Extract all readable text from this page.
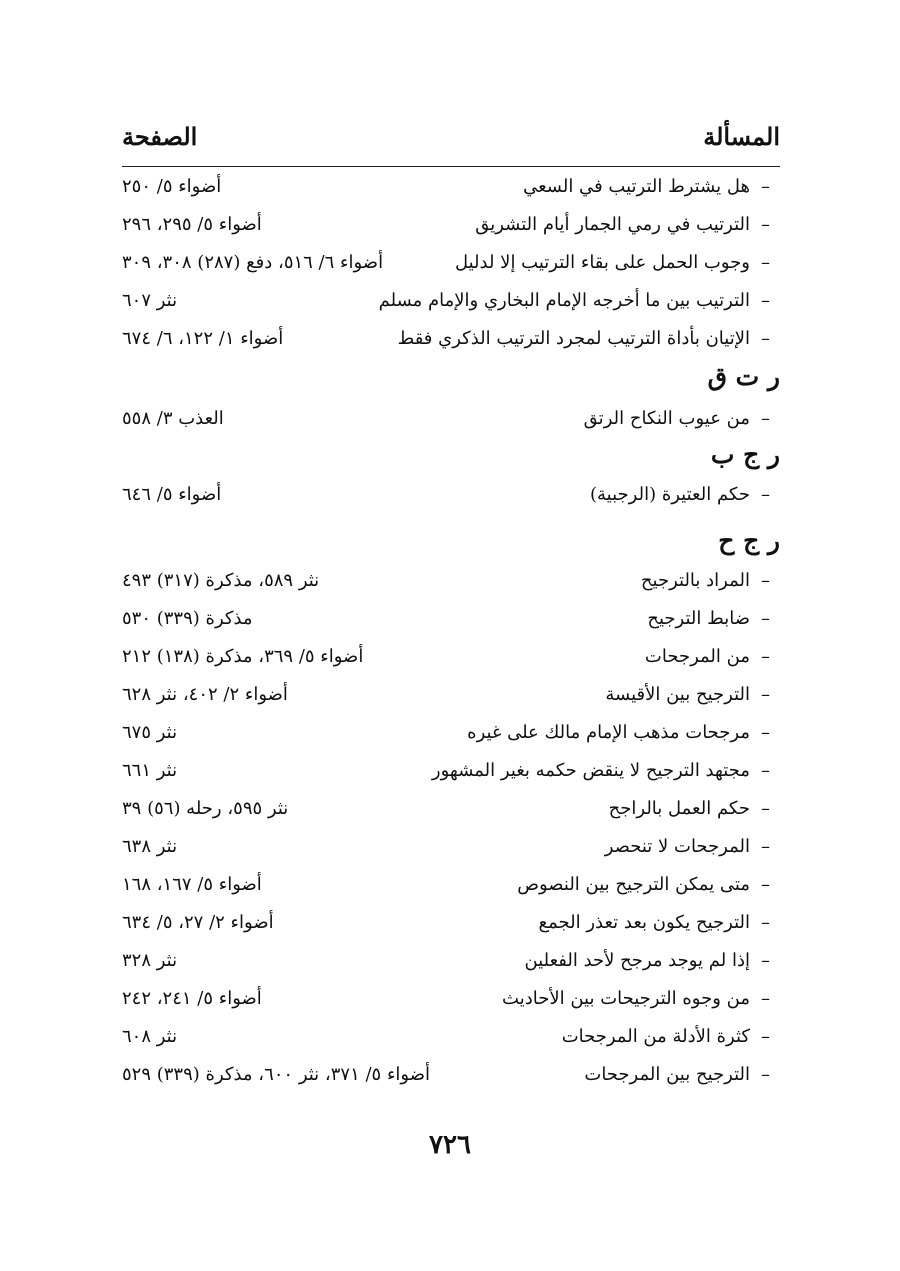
المسألة
الصفحة
–
هل يشترط الترتيب في السعي
أضواء ٥/ ٢٥٠
–
الترتيب في رمي الجمار أيام التشريق
أضواء ٥/ ٢٩٥، ٢٩٦
–
وجوب الحمل على بقاء الترتيب إلا لدليل
أضواء ٦/ ٥١٦، دفع (٢٨٧) ٣٠٨، ٣٠٩
–
الترتيب بين ما أخرجه الإمام البخاري والإمام مسلم
نثر ٦٠٧
–
الإتيان بأداة الترتيب لمجرد الترتيب الذكري فقط
أضواء ١/ ١٢٢، ٦/ ٦٧٤
ر ت ق
–
من عيوب النكاح الرتق
العذب ٣/ ٥٥٨
ر ج ب
–
حكم العتيرة (الرجبية)
أضواء ٥/ ٦٤٦
ر ج ح
–
المراد بالترجيح
نثر ٥٨٩، مذكرة (٣١٧) ٤٩٣
–
ضابط الترجيح
مذكرة (٣٣٩) ٥٣٠
–
من المرجحات
أضواء ٥/ ٣٦٩، مذكرة (١٣٨) ٢١٢
–
الترجيح بين الأقيسة
أضواء ٢/ ٤٠٢، نثر ٦٢٨
–
مرجحات مذهب الإمام مالك على غيره
نثر ٦٧٥
–
مجتهد الترجيح لا ينقض حكمه بغير المشهور
نثر ٦٦١
–
حكم العمل بالراجح
نثر ٥٩٥، رحله (٥٦) ٣٩
–
المرجحات لا تنحصر
نثر ٦٣٨
–
متى يمكن الترجيح بين النصوص
أضواء ٥/ ١٦٧، ١٦٨
–
الترجيح يكون بعد تعذر الجمع
أضواء ٢/ ٢٧، ٥/ ٦٣٤
–
إذا لم يوجد مرجح لأحد الفعلين
نثر ٣٢٨
–
من وجوه الترجيحات بين الأحاديث
أضواء ٥/ ٢٤١، ٢٤٢
–
كثرة الأدلة من المرجحات
نثر ٦٠٨
–
الترجيح بين المرجحات
أضواء ٥/ ٣٧١، نثر ٦٠٠، مذكرة (٣٣٩) ٥٢٩
٧٢٦
